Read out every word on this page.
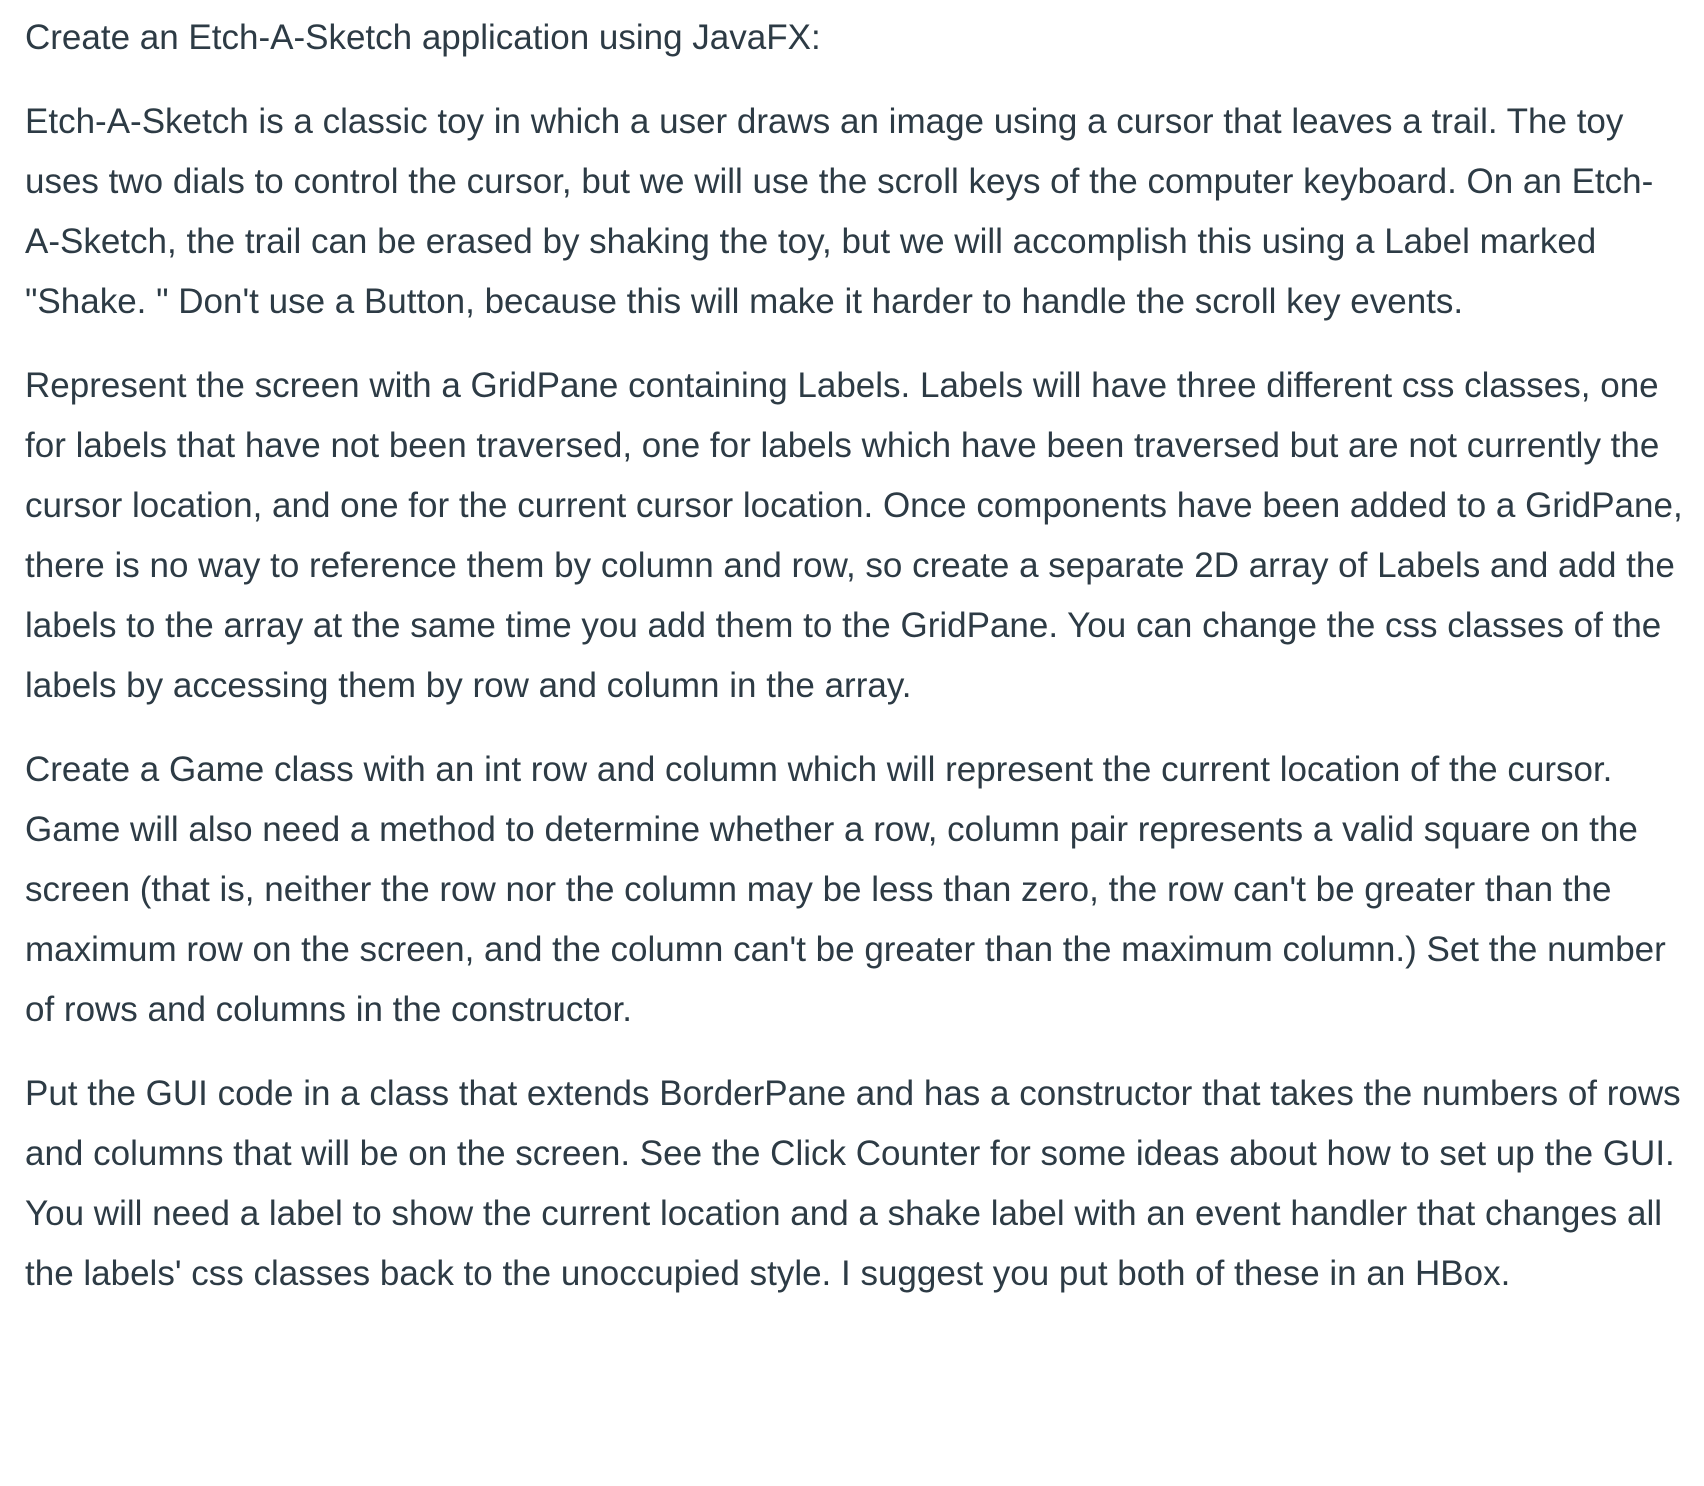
Create an Etch-A-Sketch application using JavaFX:

Etch-A-Sketch is a classic toy in which a user draws an image using a cursor that leaves a trail. The toy uses two dials to control the cursor, but we will use the scroll keys of the computer keyboard. On an Etch-A-Sketch, the trail can be erased by shaking the toy, but we will accomplish this using a Label marked "Shake. " Don't use a Button, because this will make it harder to handle the scroll key events.

Represent the screen with a GridPane containing Labels. Labels will have three different css classes, one for labels that have not been traversed, one for labels which have been traversed but are not currently the cursor location, and one for the current cursor location. Once components have been added to a GridPane, there is no way to reference them by column and row, so create a separate 2D array of Labels and add the labels to the array at the same time you add them to the GridPane. You can change the css classes of the labels by accessing them by row and column in the array.

Create a Game class with an int row and column which will represent the current location of the cursor. Game will also need a method to determine whether a row, column pair represents a valid square on the screen (that is, neither the row nor the column may be less than zero, the row can't be greater than the maximum row on the screen, and the column can't be greater than the maximum column.) Set the number of rows and columns in the constructor.

Put the GUI code in a class that extends BorderPane and has a constructor that takes the numbers of rows and columns that will be on the screen. See the Click Counter for some ideas about how to set up the GUI. You will need a label to show the current location and a shake label with an event handler that changes all the labels' css classes back to the unoccupied style. I suggest you put both of these in an HBox.
